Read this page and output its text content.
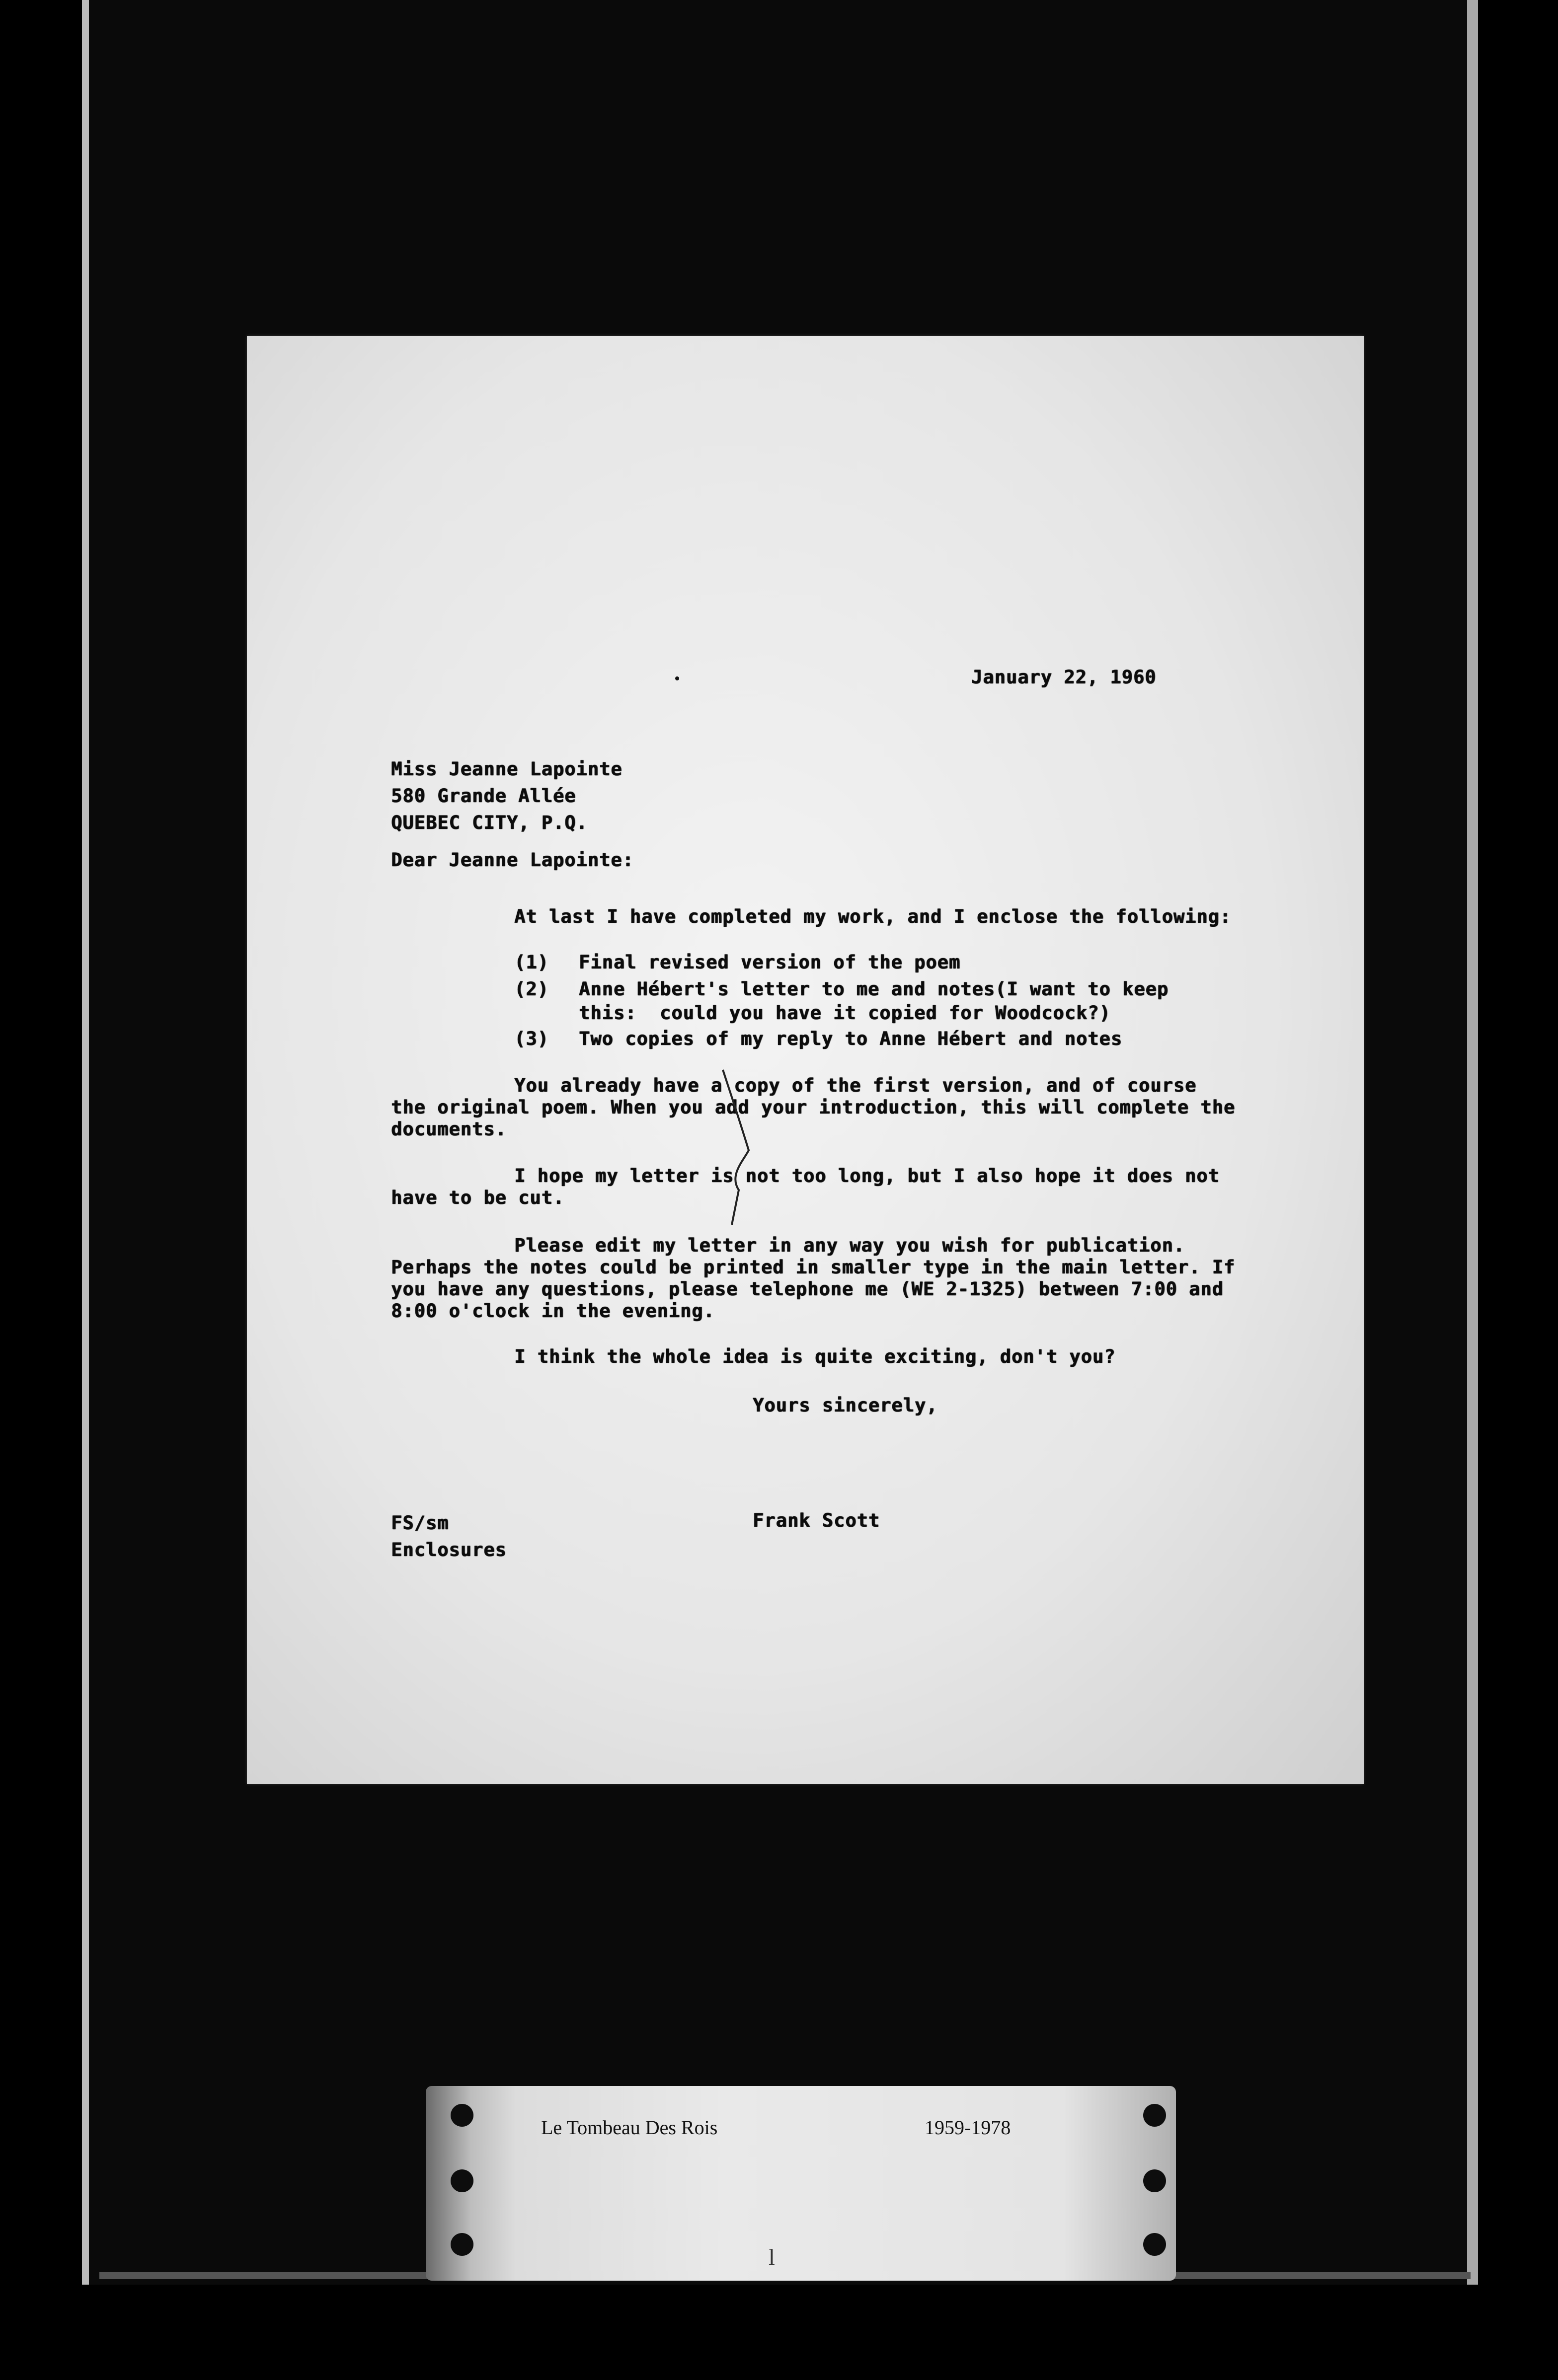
January 22, 1960
Miss Jeanne Lapointe
580 Grande Allée
QUEBEC CITY, P.Q.
Dear Jeanne Lapointe:
At last I have completed my work, and I enclose the following:
(1) Final revised version of the poem
(2) Anne Hébert's letter to me and notes(I want to keep
this:  could you have it copied for Woodcock?)
(3) Two copies of my reply to Anne Hébert and notes
You already have a copy of the first version, and of course the original poem. When you add your introduction, this will complete the documents.
I hope my letter is not too long, but I also hope it does not have to be cut.
Please edit my letter in any way you wish for publication. Perhaps the notes could be printed in smaller type in the main letter. If you have any questions, please telephone me (WE 2-1325) between 7:00 and 8:00 o'clock in the evening.
I think the whole idea is quite exciting, don't you?
Yours sincerely,
FS/sm
Enclosures
Frank Scott
Le Tombeau Des Rois	1959-1978
l
